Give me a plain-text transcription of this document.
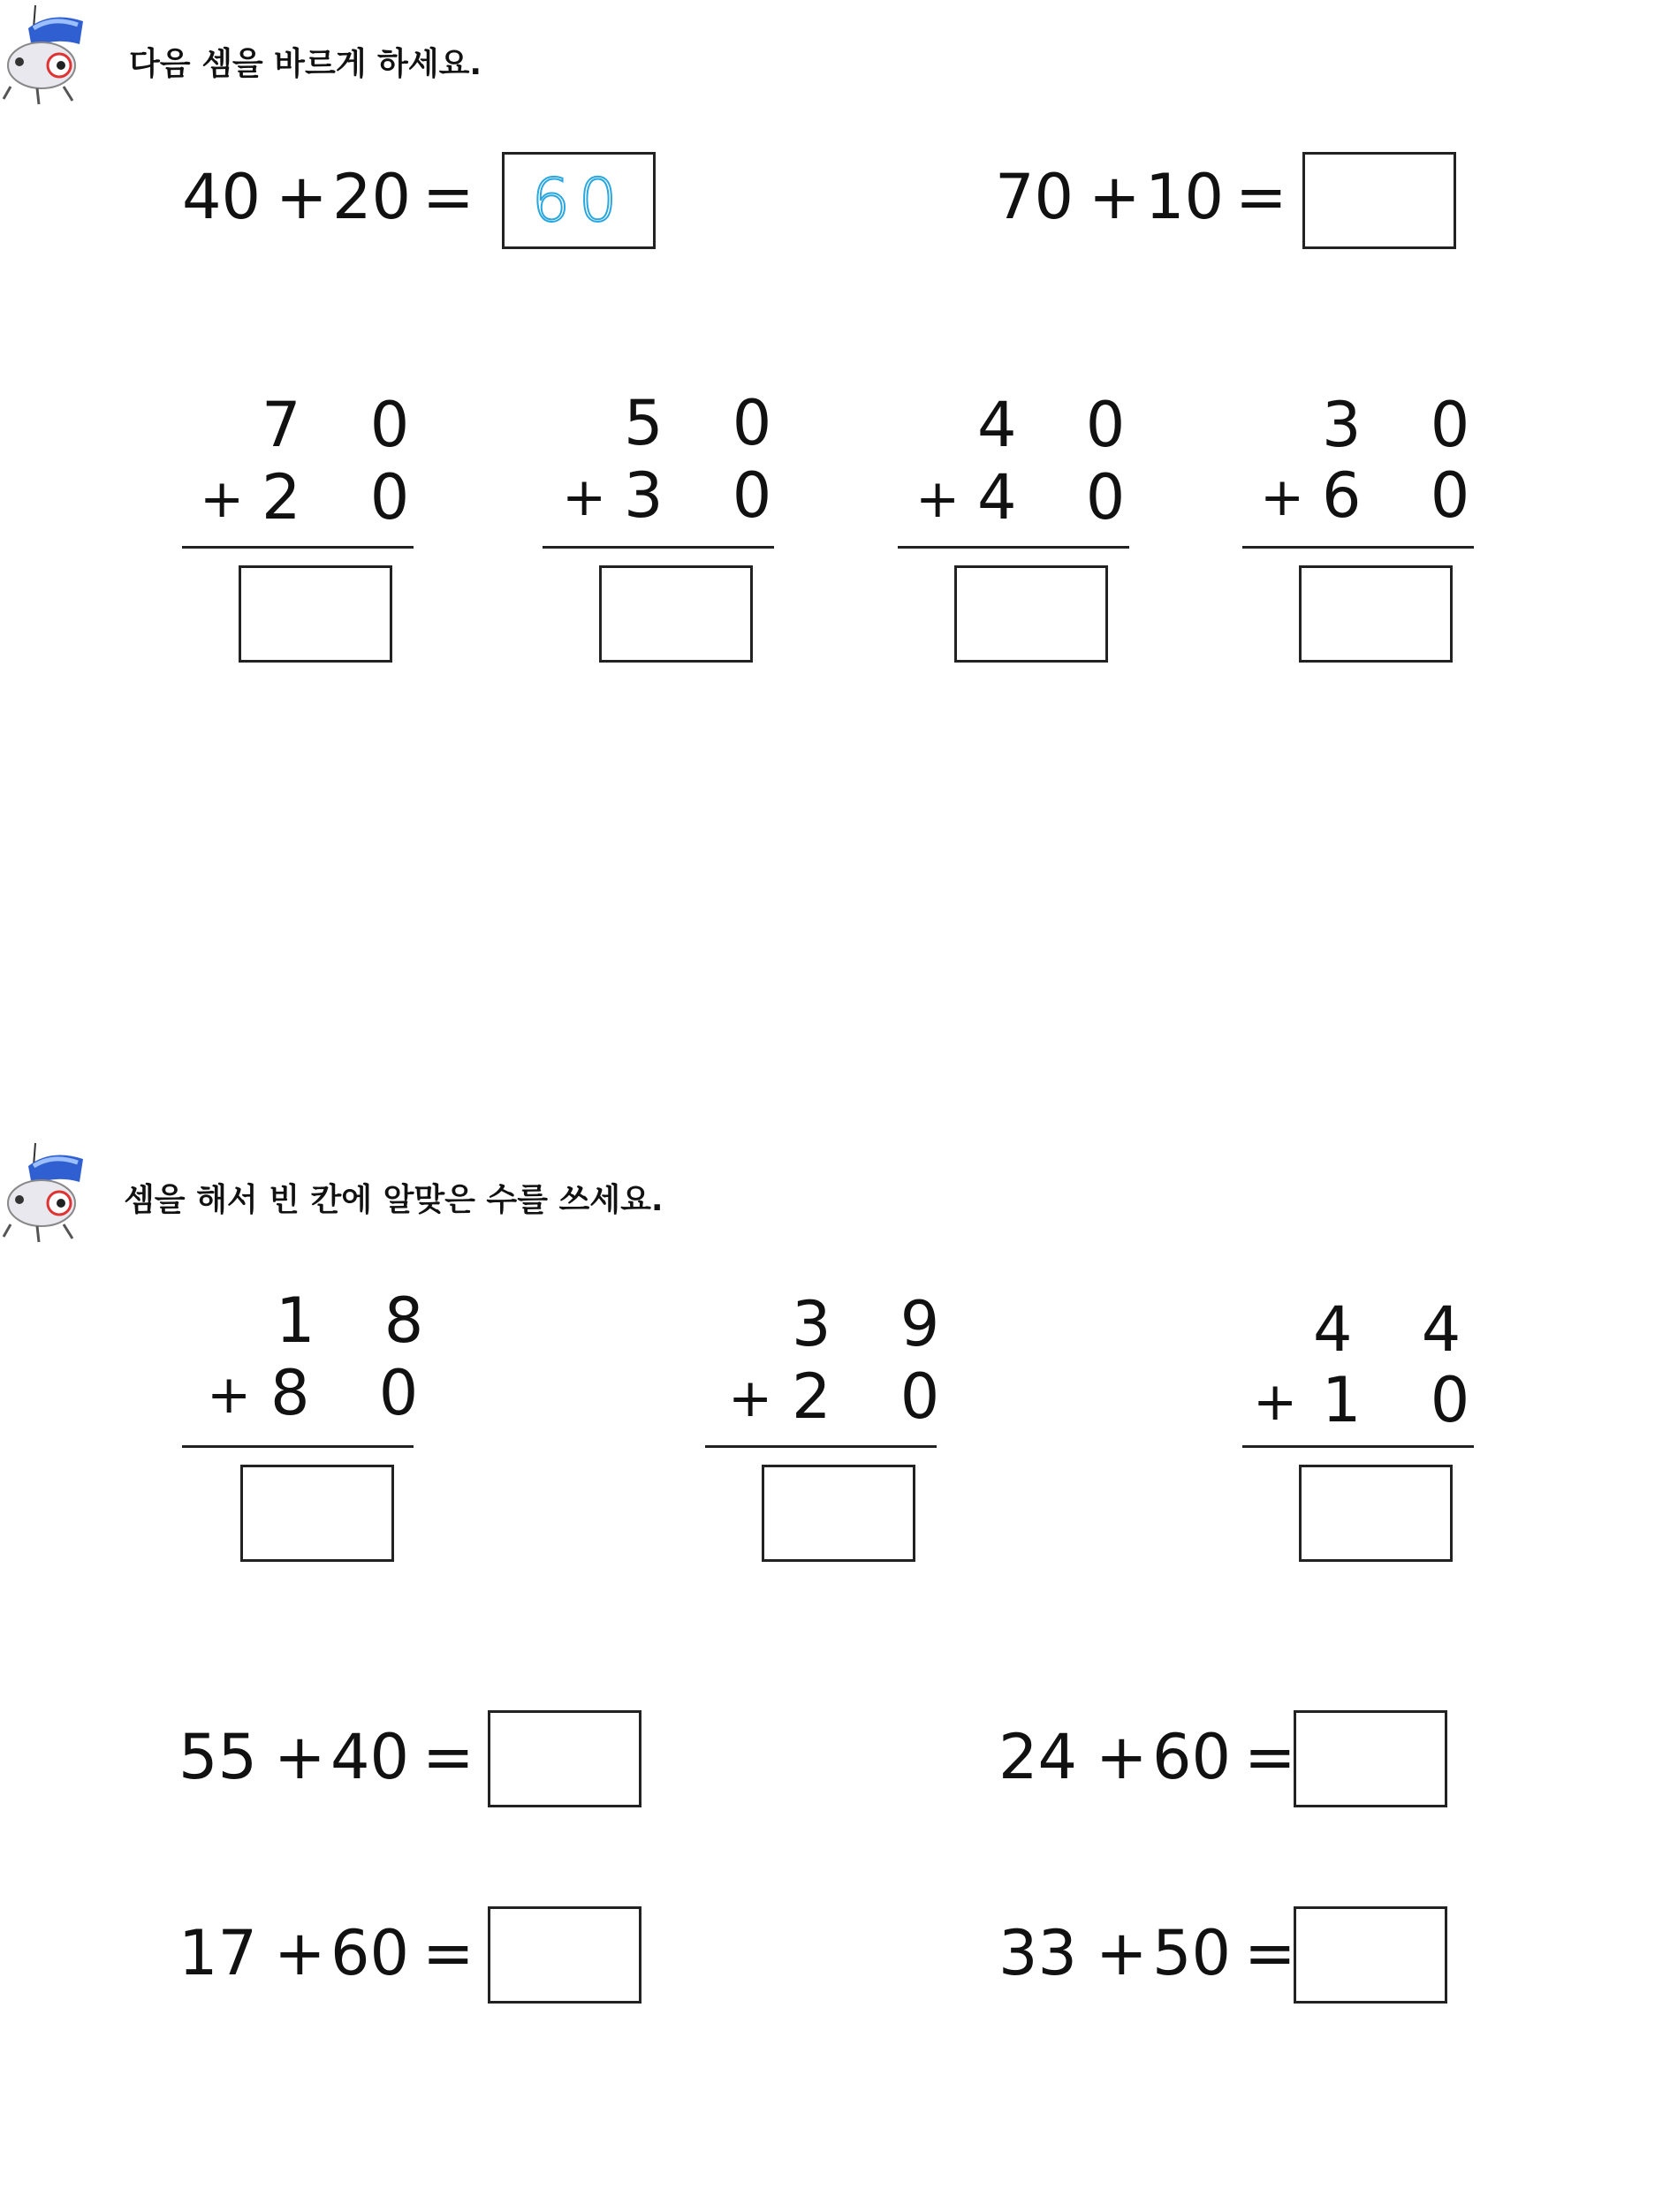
다음 셈을 바르게 하세요.
40 + 20 = 60	70 + 10 =
7 0
+ 2 0
5 0
+ 3 0
4 0
+ 4 0
3 0
+ 6 0
셈을 해서 빈 칸에 알맞은 수를 쓰세요.
1 8
+ 8 0
3 9
+ 2 0
4 4
+ 1 0
55 + 40 =	24 + 60 =
17 + 60 =	33 + 50 =
